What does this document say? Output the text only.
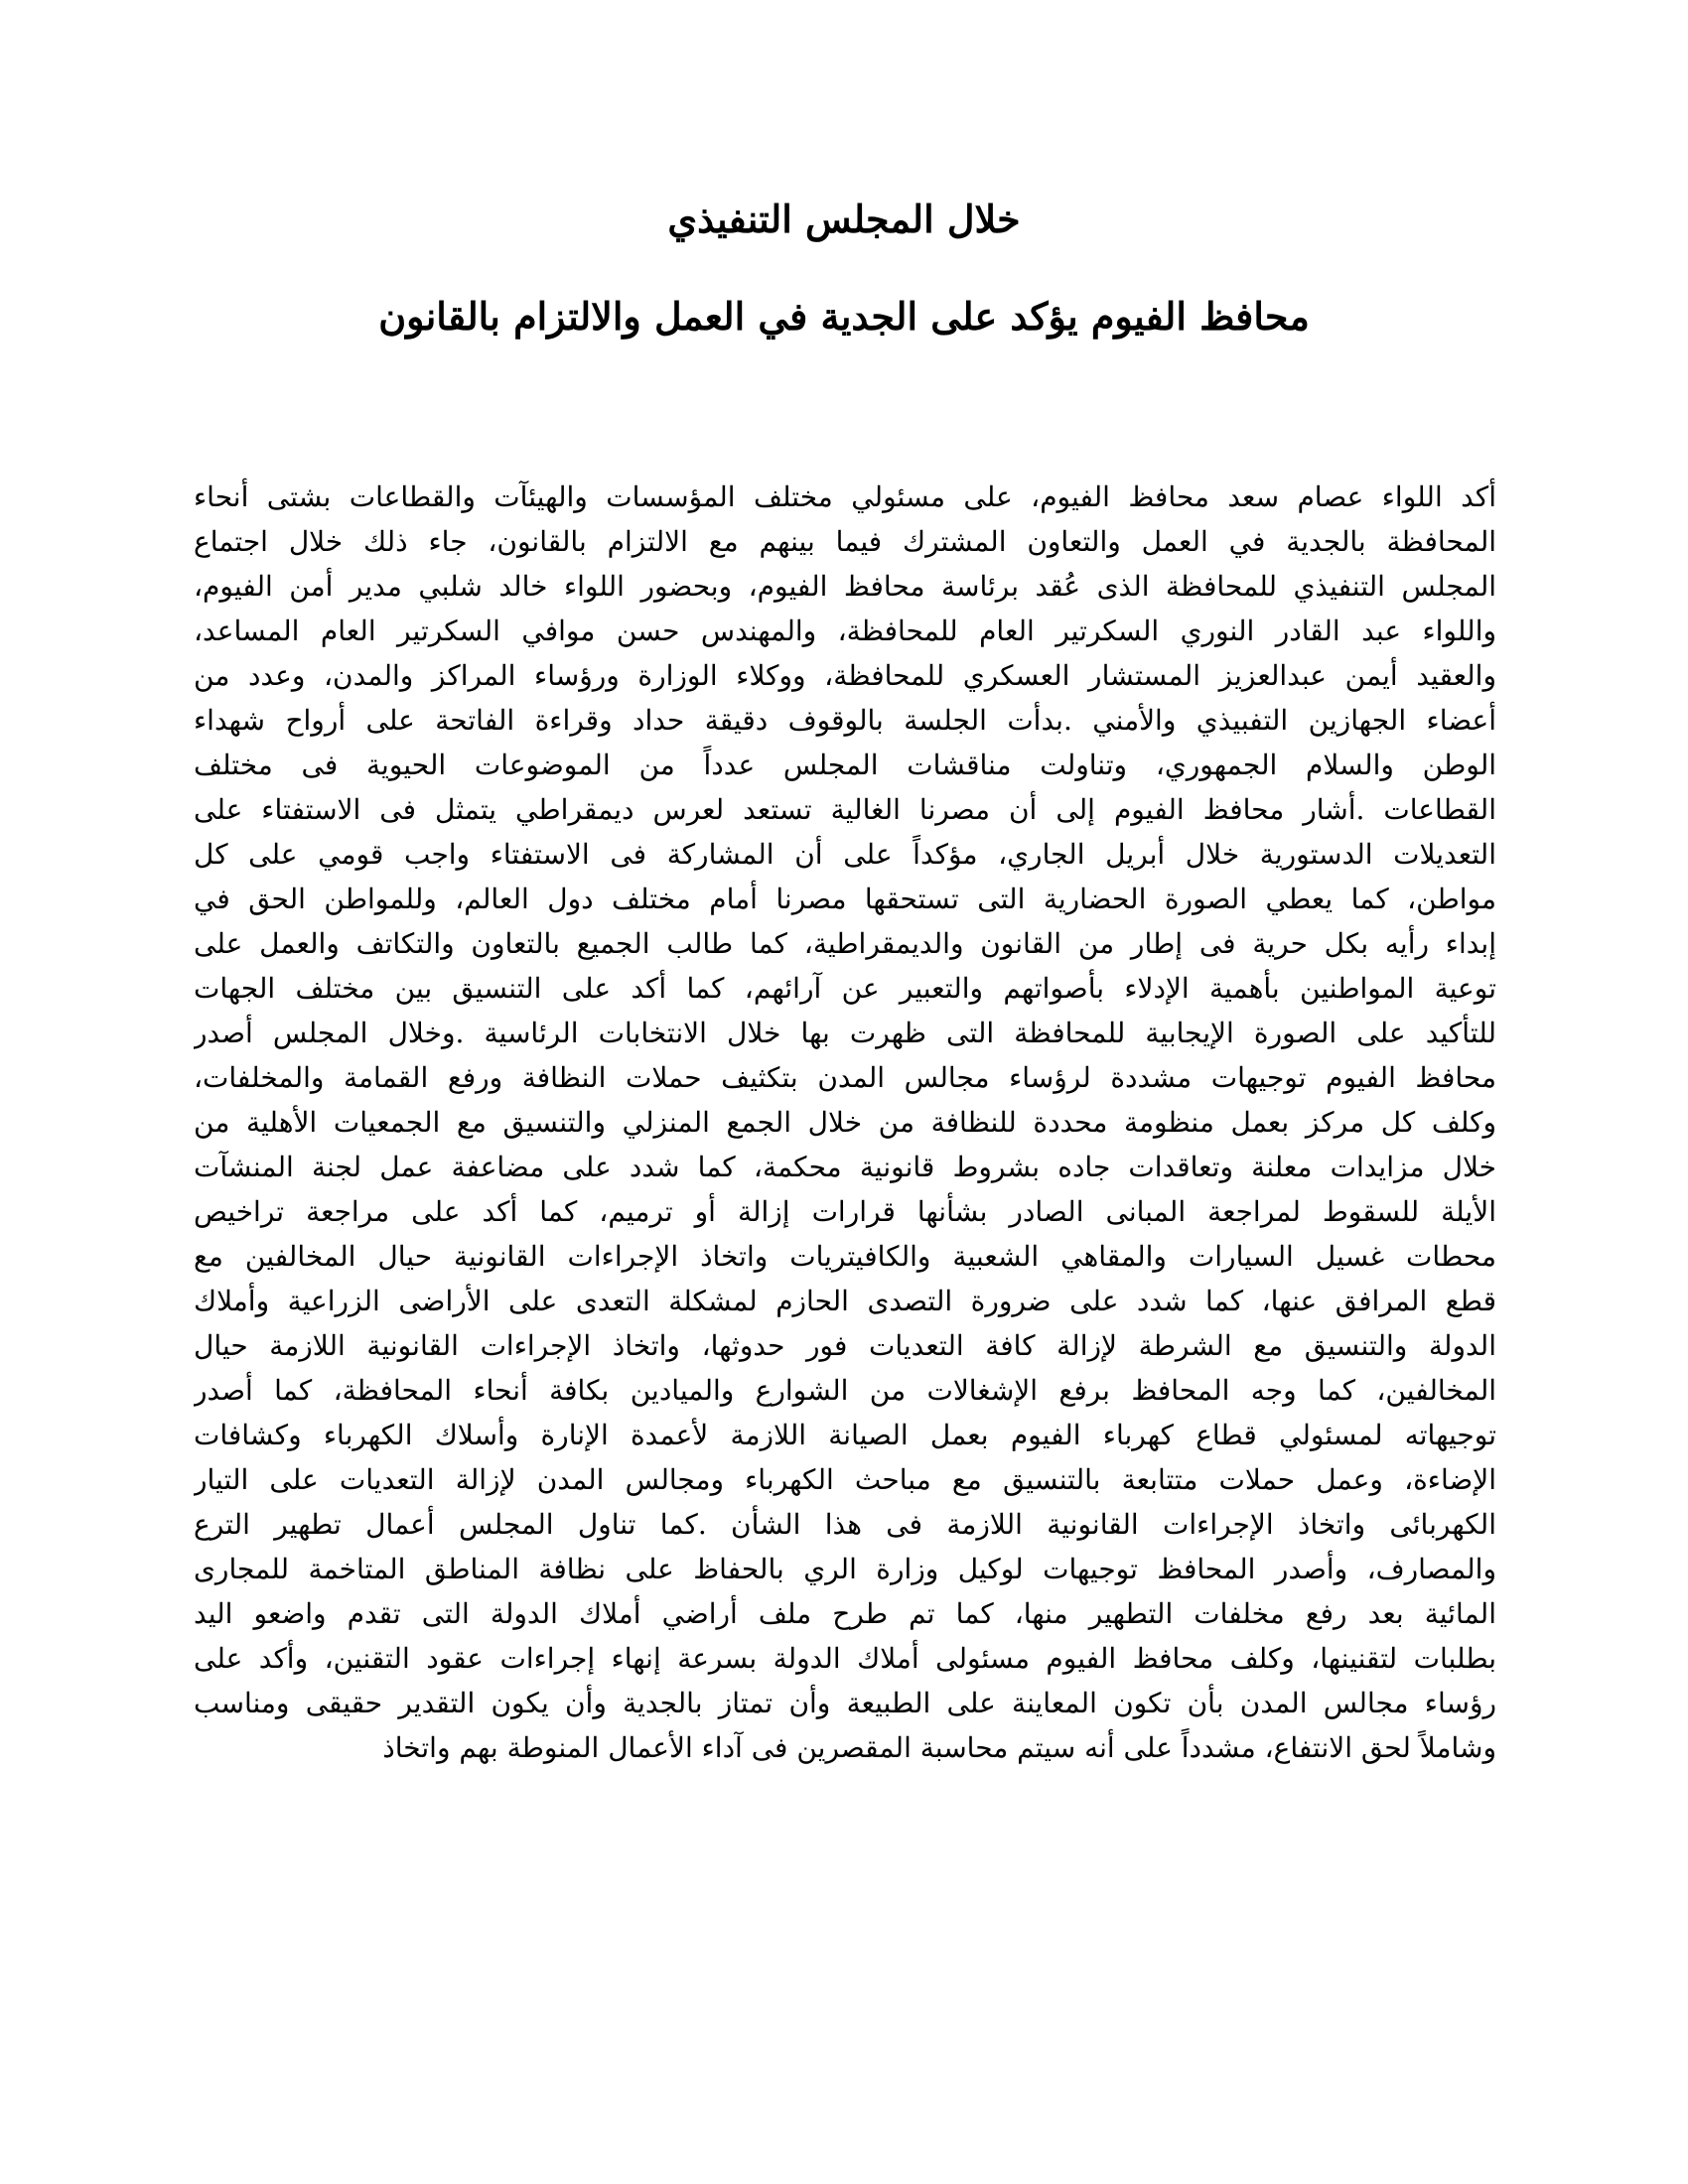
خلال المجلس التنفيذي
محافظ الفيوم يؤكد على الجدية في العمل والالتزام بالقانون
أكد اللواء عصام سعد محافظ الفيوم، على مسئولي مختلف المؤسسات والهيئآت والقطاعات بشتى أنحاء
المحافظة بالجدية في العمل والتعاون المشترك فيما بينهم مع الالتزام بالقانون، جاء ذلك خلال اجتماع
المجلس التنفيذي للمحافظة الذى عُقد برئاسة محافظ الفيوم، وبحضور اللواء خالد شلبي مدير أمن الفيوم،
واللواء عبد القادر النوري السكرتير العام للمحافظة، والمهندس حسن موافي السكرتير العام المساعد،
والعقيد أيمن عبدالعزيز المستشار العسكري للمحافظة، ووكلاء الوزارة ورؤساء المراكز والمدن، وعدد من
أعضاء الجهازين التفبيذي والأمني .بدأت الجلسة بالوقوف دقيقة حداد وقراءة الفاتحة على أرواح شهداء
الوطن والسلام الجمهوري، وتناولت مناقشات المجلس عدداً من الموضوعات الحيوية فى مختلف
القطاعات .أشار محافظ الفيوم إلى أن مصرنا الغالية تستعد لعرس ديمقراطي يتمثل فى الاستفتاء على
التعديلات الدستورية خلال أبريل الجاري، مؤكداً على أن المشاركة فى الاستفتاء واجب قومي على كل
مواطن، كما يعطي الصورة الحضارية التى تستحقها مصرنا أمام مختلف دول العالم، وللمواطن الحق في
إبداء رأيه بكل حرية فى إطار من القانون والديمقراطية، كما طالب الجميع بالتعاون والتكاتف والعمل على
توعية المواطنين بأهمية الإدلاء بأصواتهم والتعبير عن آرائهم، كما أكد على التنسيق بين مختلف الجهات
للتأكيد على الصورة الإيجابية للمحافظة التى ظهرت بها خلال الانتخابات الرئاسية .وخلال المجلس أصدر
محافظ الفيوم توجيهات مشددة لرؤساء مجالس المدن بتكثيف حملات النظافة ورفع القمامة والمخلفات،
وكلف كل مركز بعمل منظومة محددة للنظافة من خلال الجمع المنزلي والتنسيق مع الجمعيات الأهلية من
خلال مزايدات معلنة وتعاقدات جاده بشروط قانونية محكمة، كما شدد على مضاعفة عمل لجنة المنشآت
الأيلة للسقوط لمراجعة المبانى الصادر بشأنها قرارات إزالة أو ترميم، كما أكد على مراجعة تراخيص
محطات غسيل السيارات والمقاهي الشعبية والكافيتريات واتخاذ الإجراءات القانونية حيال المخالفين مع
قطع المرافق عنها، كما شدد على ضرورة التصدى الحازم لمشكلة التعدى على الأراضى الزراعية وأملاك
الدولة والتنسيق مع الشرطة لإزالة كافة التعديات فور حدوثها، واتخاذ الإجراءات القانونية اللازمة حيال
المخالفين، كما وجه المحافظ برفع الإشغالات من الشوارع والميادين بكافة أنحاء المحافظة، كما أصدر
توجيهاته لمسئولي قطاع كهرباء الفيوم بعمل الصيانة اللازمة لأعمدة الإنارة وأسلاك الكهرباء وكشافات
الإضاءة، وعمل حملات متتابعة بالتنسيق مع مباحث الكهرباء ومجالس المدن لإزالة التعديات على التيار
الكهربائى واتخاذ الإجراءات القانونية اللازمة فى هذا الشأن .كما تناول المجلس أعمال تطهير الترع
والمصارف، وأصدر المحافظ توجيهات لوكيل وزارة الري بالحفاظ على نظافة المناطق المتاخمة للمجارى
المائية بعد رفع مخلفات التطهير منها، كما تم طرح ملف أراضي أملاك الدولة التى تقدم واضعو اليد
بطلبات لتقنينها، وكلف محافظ الفيوم مسئولى أملاك الدولة بسرعة إنهاء إجراءات عقود التقنين، وأكد على
رؤساء مجالس المدن بأن تكون المعاينة على الطبيعة وأن تمتاز بالجدية وأن يكون التقدير حقيقى ومناسب
وشاملاً لحق الانتفاع، مشدداً على أنه سيتم محاسبة المقصرين فى آداء الأعمال المنوطة بهم واتخاذ
